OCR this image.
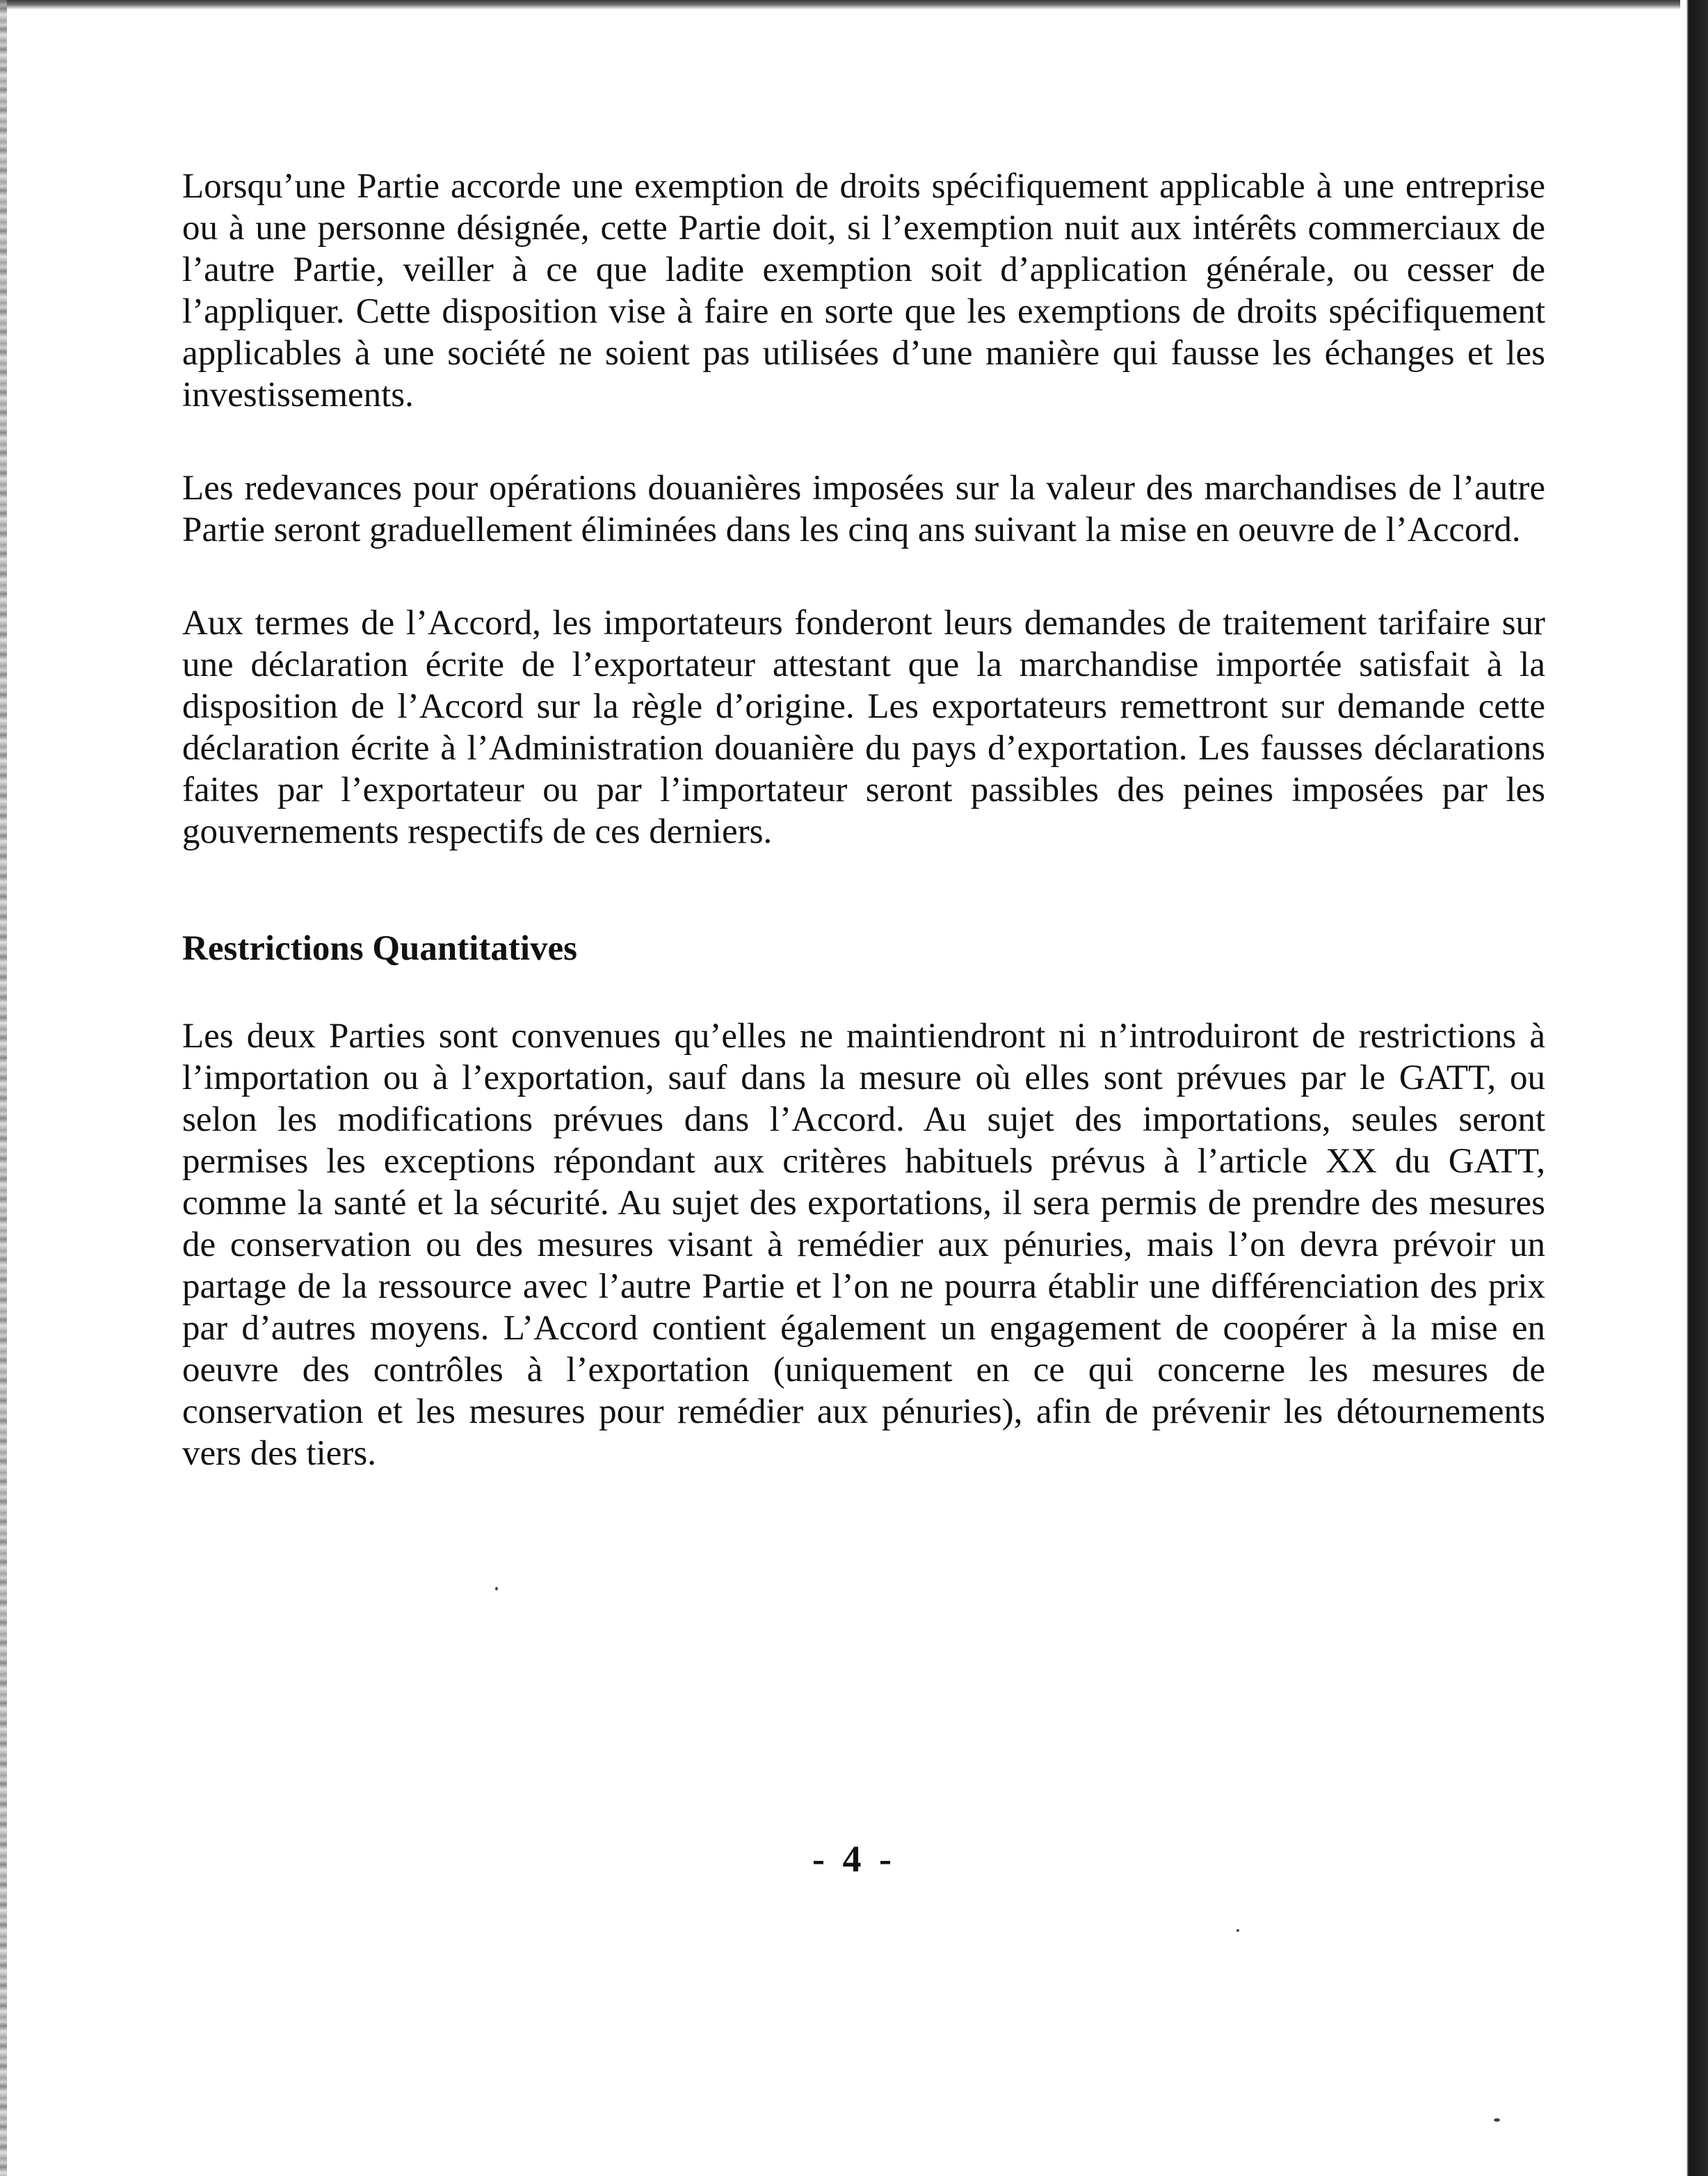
Lorsqu’une Partie accorde une exemption de droits spécifiquement applicable à une entreprise ou à une personne désignée, cette Partie doit, si l’exemption nuit aux intérêts commerciaux de l’autre Partie, veiller à ce que ladite exemption soit d’application générale, ou cesser de l’appliquer. Cette disposition vise à faire en sorte que les exemptions de droits spécifiquement applicables à une société ne soient pas utilisées d’une manière qui fausse les échanges et les investissements.

Les redevances pour opérations douanières imposées sur la valeur des marchandises de l’autre Partie seront graduellement éliminées dans les cinq ans suivant la mise en oeuvre de l’Accord.

Aux termes de l’Accord, les importateurs fonderont leurs demandes de traitement tarifaire sur une déclaration écrite de l’exportateur attestant que la marchandise importée satisfait à la disposition de l’Accord sur la règle d’origine. Les exportateurs remettront sur demande cette déclaration écrite à l’Administration douanière du pays d’exportation. Les fausses déclarations faites par l’exportateur ou par l’importateur seront passibles des peines imposées par les gouvernements respectifs de ces derniers.

Restrictions Quantitatives

Les deux Parties sont convenues qu’elles ne maintiendront ni n’introduiront de restrictions à l’importation ou à l’exportation, sauf dans la mesure où elles sont prévues par le GATT, ou selon les modifications prévues dans l’Accord. Au sujet des importations, seules seront permises les exceptions répondant aux critères habituels prévus à l’article XX du GATT, comme la santé et la sécurité. Au sujet des exportations, il sera permis de prendre des mesures de conservation ou des mesures visant à remédier aux pénuries, mais l’on devra prévoir un partage de la ressource avec l’autre Partie et l’on ne pourra établir une différenciation des prix par d’autres moyens. L’Accord contient également un engagement de coopérer à la mise en oeuvre des contrôles à l’exportation (uniquement en ce qui concerne les mesures de conservation et les mesures pour remédier aux pénuries), afin de prévenir les détournements vers des tiers.

- 4 -
